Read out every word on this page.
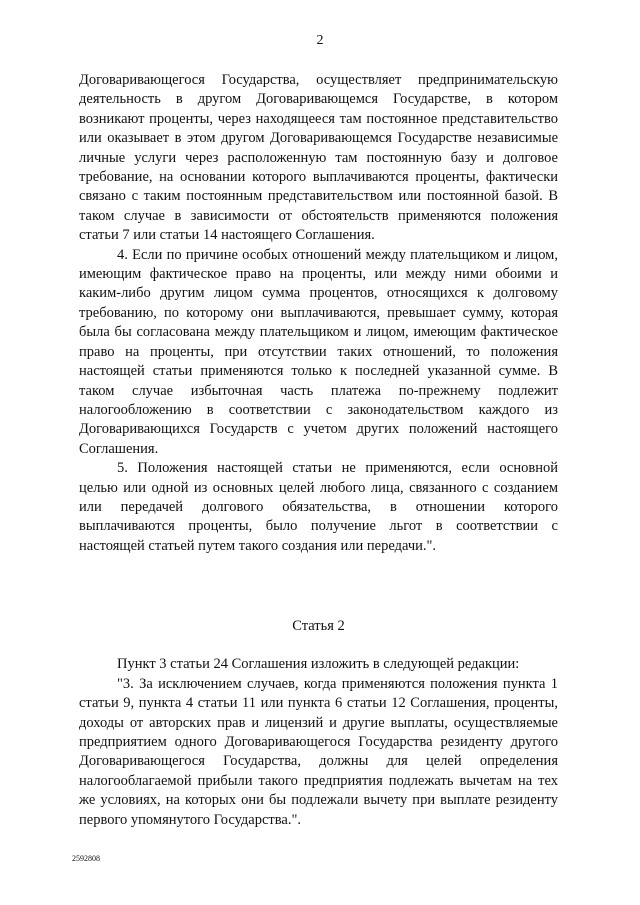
2

Договаривающегося Государства, осуществляет предпринимательскую деятельность в другом Договаривающемся Государстве, в котором возникают проценты, через находящееся там постоянное представительство или оказывает в этом другом Договаривающемся Государстве независимые личные услуги через расположенную там постоянную базу и долговое требование, на основании которого выплачиваются проценты, фактически связано с таким постоянным представительством или постоянной базой. В таком случае в зависимости от обстоятельств применяются положения статьи 7 или статьи 14 настоящего Соглашения.

4. Если по причине особых отношений между плательщиком и лицом, имеющим фактическое право на проценты, или между ними обоими и каким-либо другим лицом сумма процентов, относящихся к долговому требованию, по которому они выплачиваются, превышает сумму, которая была бы согласована между плательщиком и лицом, имеющим фактическое право на проценты, при отсутствии таких отношений, то положения настоящей статьи применяются только к последней указанной сумме. В таком случае избыточная часть платежа по-прежнему подлежит налогообложению в соответствии с законодательством каждого из Договаривающихся Государств с учетом других положений настоящего Соглашения.

5. Положения настоящей статьи не применяются, если основной целью или одной из основных целей любого лица, связанного с созданием или передачей долгового обязательства, в отношении которого выплачиваются проценты, было получение льгот в соответствии с настоящей статьей путем такого создания или передачи.".

Статья 2

Пункт 3 статьи 24 Соглашения изложить в следующей редакции:

"3. За исключением случаев, когда применяются положения пункта 1 статьи 9, пункта 4 статьи 11 или пункта 6 статьи 12 Соглашения, проценты, доходы от авторских прав и лицензий и другие выплаты, осуществляемые предприятием одного Договаривающегося Государства резиденту другого Договаривающегося Государства, должны для целей определения налогооблагаемой прибыли такого предприятия подлежать вычетам на тех же условиях, на которых они бы подлежали вычету при выплате резиденту первого упомянутого Государства.".

2592808
